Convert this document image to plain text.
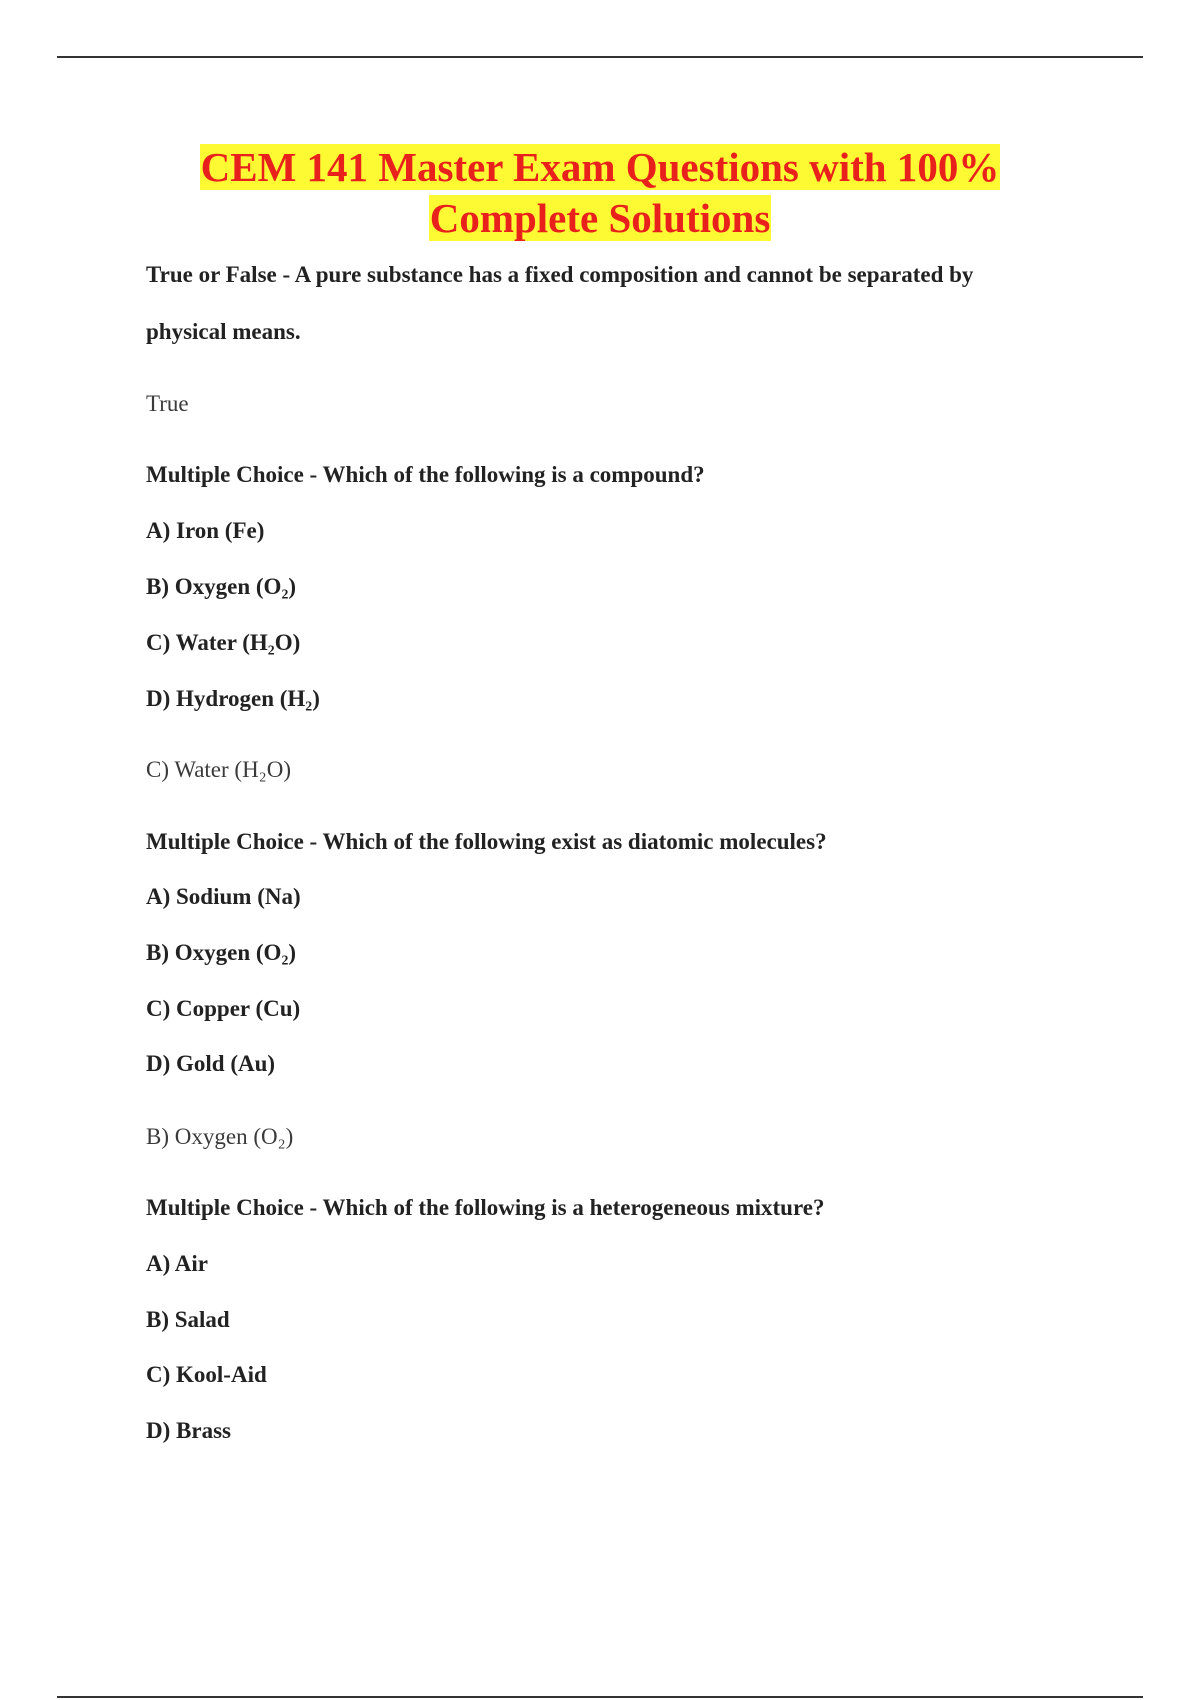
CEM 141 Master Exam Questions with 100%
Complete Solutions

True or False - A pure substance has a fixed composition and cannot be separated by

physical means.

True

Multiple Choice - Which of the following is a compound?

A) Iron (Fe)

B) Oxygen (O₂)

C) Water (H₂O)

D) Hydrogen (H₂)

C) Water (H₂O)

Multiple Choice - Which of the following exist as diatomic molecules?

A) Sodium (Na)

B) Oxygen (O₂)

C) Copper (Cu)

D) Gold (Au)

B) Oxygen (O₂)

Multiple Choice - Which of the following is a heterogeneous mixture?

A) Air

B) Salad

C) Kool-Aid

D) Brass
